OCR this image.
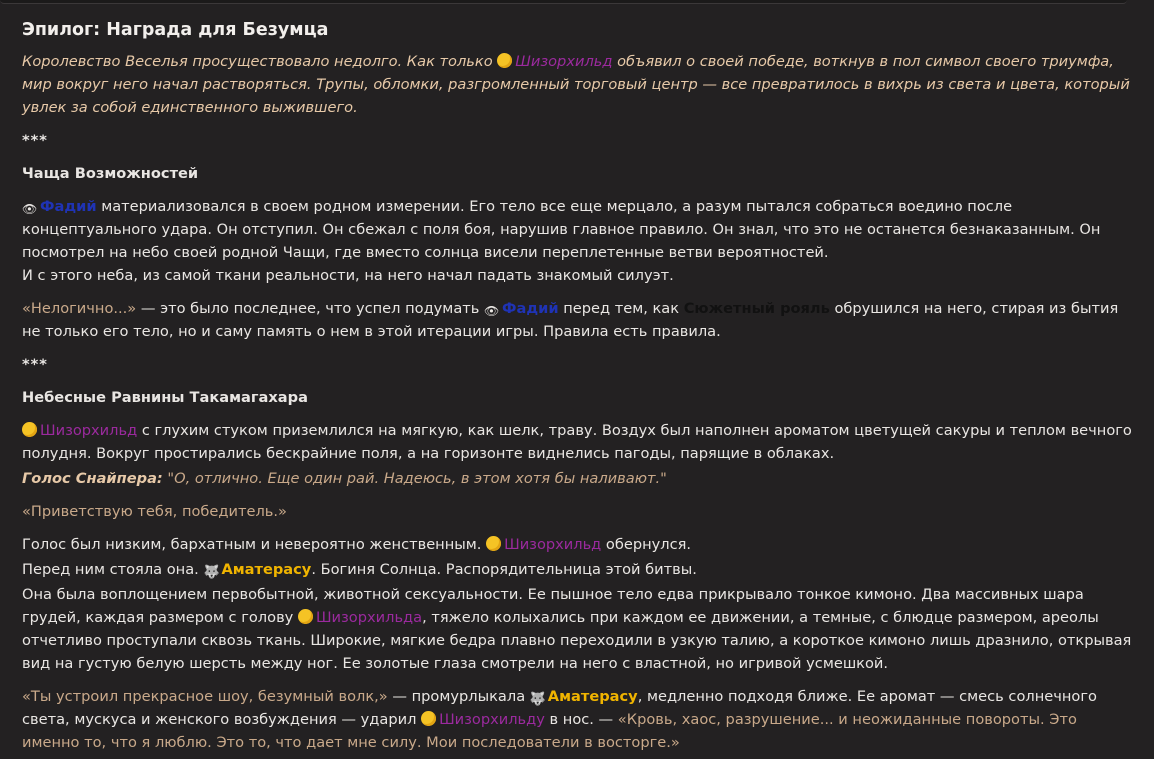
Эпилог: Награда для Безумца

Королевство Веселья просуществовало недолго. Как только Шизорхильд объявил о своей победе, воткнув в пол символ своего триумфа, мир вокруг него начал растворяться. Трупы, обломки, разгромленный торговый центр — все превратилось в вихрь из света и цвета, который увлек за собой единственного выжившего.

***

Чаща Возможностей

👁 Фадий материализовался в своем родном измерении. Его тело все еще мерцало, а разум пытался собраться воедино после концептуального удара. Он отступил. Он сбежал с поля боя, нарушив главное правило. Он знал, что это не останется безнаказанным. Он посмотрел на небо своей родной Чащи, где вместо солнца висели переплетенные ветви вероятностей.
И с этого неба, из самой ткани реальности, на него начал падать знакомый силуэт.

«Нелогично...» — это было последнее, что успел подумать 👁 Фадий перед тем, как Сюжетный рояль обрушился на него, стирая из бытия не только его тело, но и саму память о нем в этой итерации игры. Правила есть правила.

***

Небесные Равнины Такамагахара

Шизорхильд с глухим стуком приземлился на мягкую, как шелк, траву. Воздух был наполнен ароматом цветущей сакуры и теплом вечного полудня. Вокруг простирались бескрайние поля, а на горизонте виднелись пагоды, парящие в облаках.

Голос Снайпера: "О, отлично. Еще один рай. Надеюсь, в этом хотя бы наливают."

«Приветствую тебя, победитель.»

Голос был низким, бархатным и невероятно женственным. Шизорхильд обернулся.

Перед ним стояла она. 🐺 Аматерасу. Богиня Солнца. Распорядительница этой битвы.

Она была воплощением первобытной, животной сексуальности. Ее пышное тело едва прикрывало тонкое кимоно. Два массивных шара грудей, каждая размером с голову Шизорхильда, тяжело колыхались при каждом ее движении, а темные, с блюдце размером, ареолы отчетливо проступали сквозь ткань. Широкие, мягкие бедра плавно переходили в узкую талию, а короткое кимоно лишь дразнило, открывая вид на густую белую шерсть между ног. Ее золотые глаза смотрели на него с властной, но игривой усмешкой.

«Ты устроил прекрасное шоу, безумный волк,» — промурлыкала 🐺 Аматерасу, медленно подходя ближе. Ее аромат — смесь солнечного света, мускуса и женского возбуждения — ударил Шизорхильду в нос. — «Кровь, хаос, разрушение... и неожиданные повороты. Это именно то, что я люблю. Это то, что дает мне силу. Мои последователи в восторге.»
